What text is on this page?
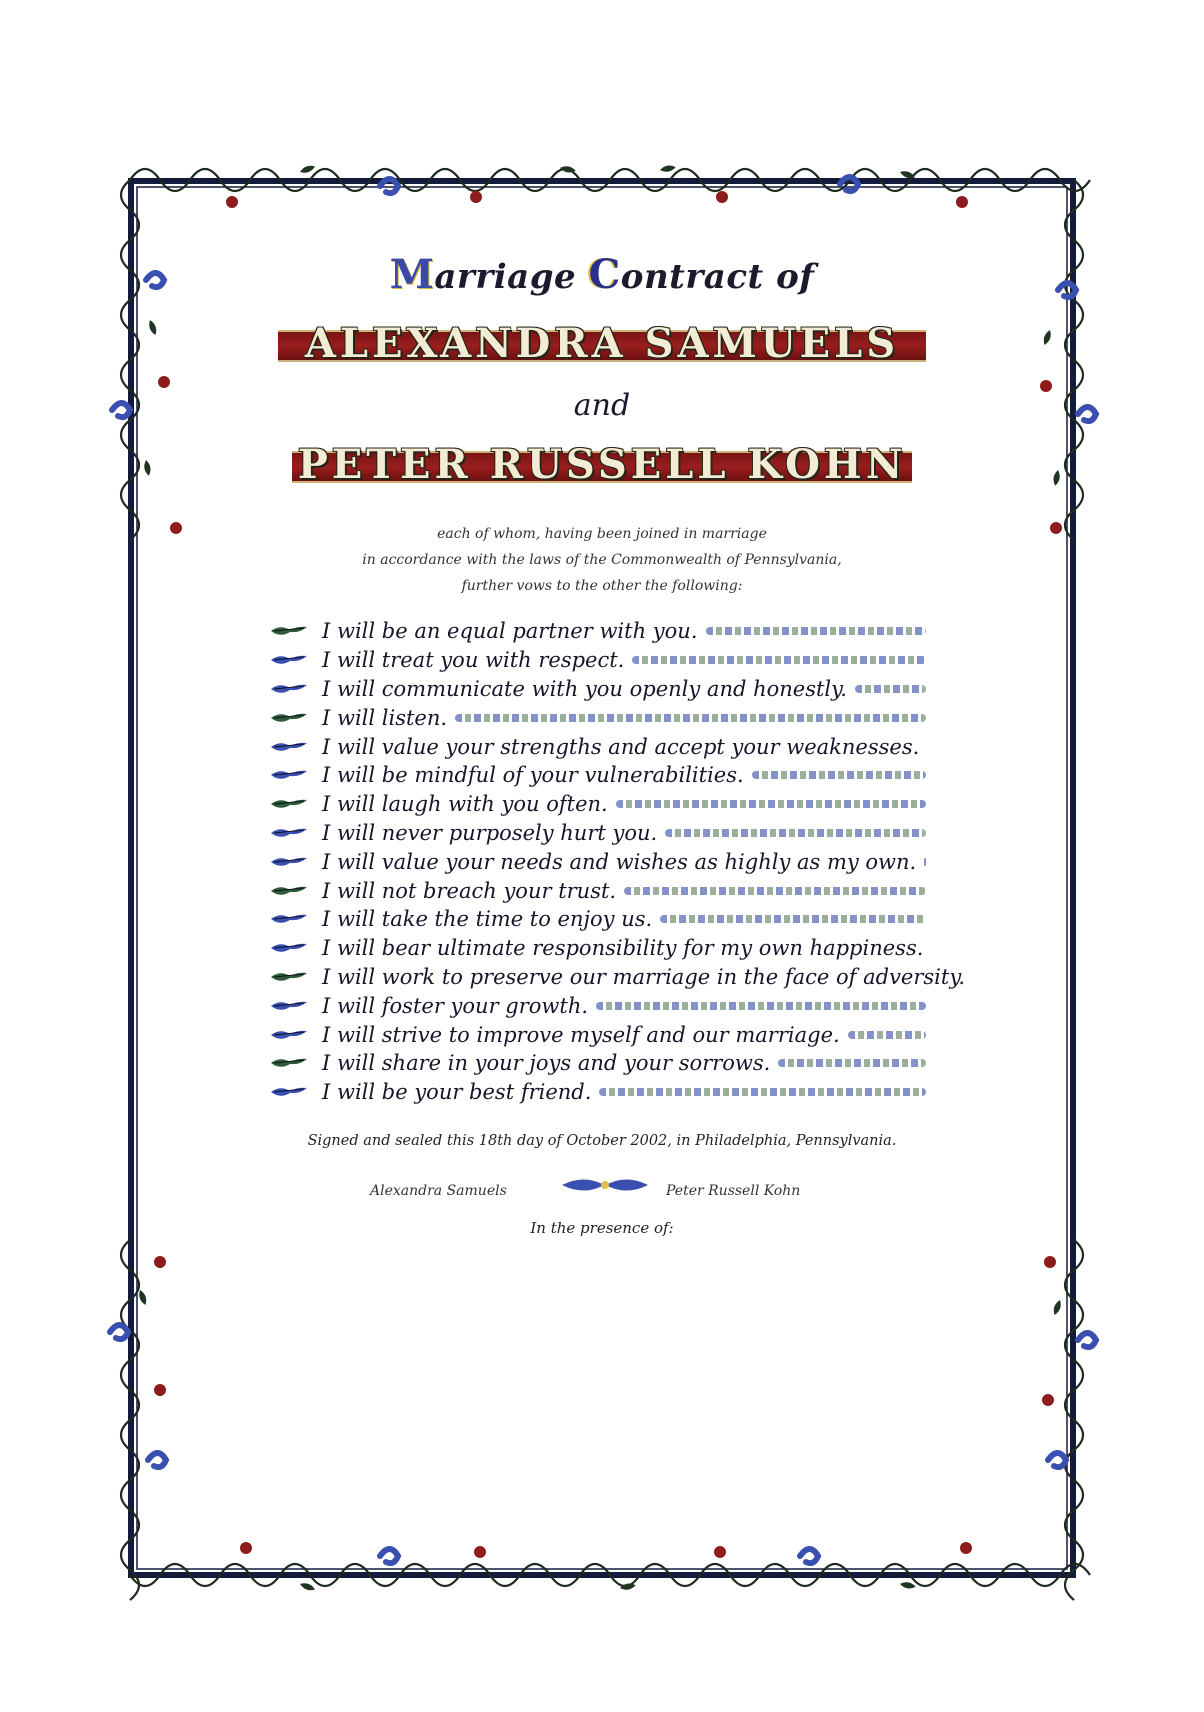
Marriage Contract of
ALEXANDRA SAMUELS
and
PETER RUSSELL KOHN
each of whom, having been joined in marriage
in accordance with the laws of the Commonwealth of Pennsylvania,
further vows to the other the following:
I will be an equal partner with you.
I will treat you with respect.
I will communicate with you openly and honestly.
I will listen.
I will value your strengths and accept your weaknesses.
I will be mindful of your vulnerabilities.
I will laugh with you often.
I will never purposely hurt you.
I will value your needs and wishes as highly as my own.
I will not breach your trust.
I will take the time to enjoy us.
I will bear ultimate responsibility for my own happiness.
I will work to preserve our marriage in the face of adversity.
I will foster your growth.
I will strive to improve myself and our marriage.
I will share in your joys and your sorrows.
I will be your best friend.
Signed and sealed this 18th day of October 2002, in Philadelphia, Pennsylvania.
Alexandra Samuels	Peter Russell Kohn
In the presence of:
